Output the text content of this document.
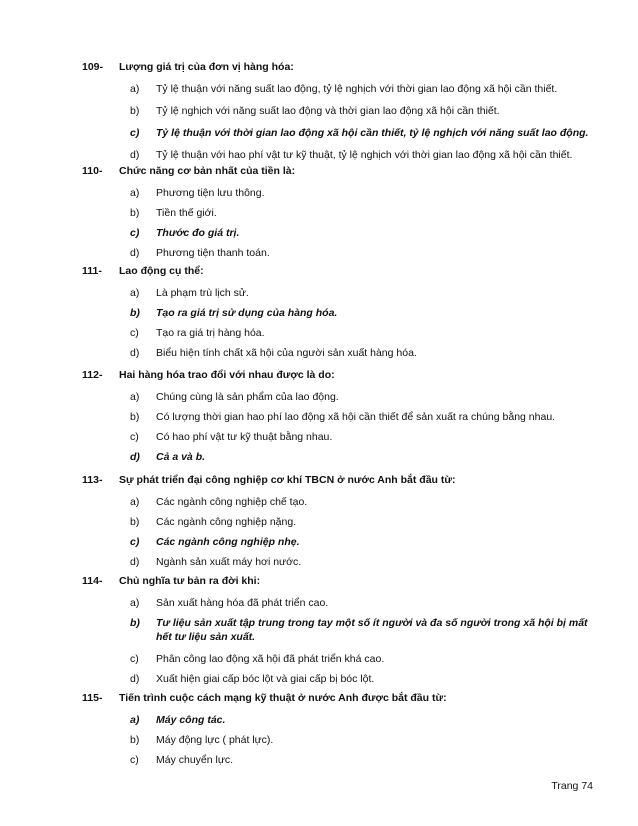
109-	Lượng giá trị của đơn vị hàng hóa:
a)	Tỷ lệ thuận với năng suất lao động, tỷ lệ nghịch với thời gian lao động xã hội cần thiết.
b)	Tỷ lệ nghịch với năng suất lao động và thời gian lao động xã hội cần thiết.
c)	Tỷ lệ thuận với thời gian lao động xã hội cần thiết, tỷ lệ nghịch với năng suất lao động.
d)	Tỷ lệ thuận với hao phí vật tư kỹ thuật, tỷ lệ nghịch với thời gian lao động xã hội cần thiết.
110-	Chức năng cơ bản nhất của tiền là:
a)	Phương tiện lưu thông.
b)	Tiền thế giới.
c)	Thước đo giá trị.
d)	Phương tiện thanh toán.
111-	Lao động cụ thể:
a)	Là phạm trù lịch sử.
b)	Tạo ra giá trị sử dụng của hàng hóa.
c)	Tạo ra giá trị hàng hóa.
d)	Biểu hiện tính chất xã hội của người sản xuất hàng hóa.
112-	Hai hàng hóa trao đổi với nhau được là do:
a)	Chúng cùng là sản phẩm của lao động.
b)	Có lượng thời gian hao phí lao động xã hội cần thiết để sản xuất ra chúng bằng nhau.
c)	Có hao phí vật tư kỹ thuật bằng nhau.
d)	Cả a và b.
113-	Sự phát triển đại công nghiệp cơ khí TBCN ở nước Anh bắt đầu từ:
a)	Các ngành công nghiệp chế tạo.
b)	Các ngành công nghiệp nặng.
c)	Các ngành công nghiệp nhẹ.
d)	Ngành sản xuất máy hơi nước.
114-	Chủ nghĩa tư bản ra đời khi:
a)	Sản xuất hàng hóa đã phát triển cao.
b)	Tư liệu sản xuất tập trung trong tay một số ít người và đa số người trong xã hội bị mất hết tư liệu sản xuất.
c)	Phân công lao động xã hội đã phát triển khá cao.
d)	Xuất hiện giai cấp bóc lột và giai cấp bị bóc lột.
115-	Tiến trình cuộc cách mạng kỹ thuật ở nước Anh được bắt đầu từ:
a)	Máy công tác.
b)	Máy động lực ( phát lực).
c)	Máy chuyển lực.
Trang 74
